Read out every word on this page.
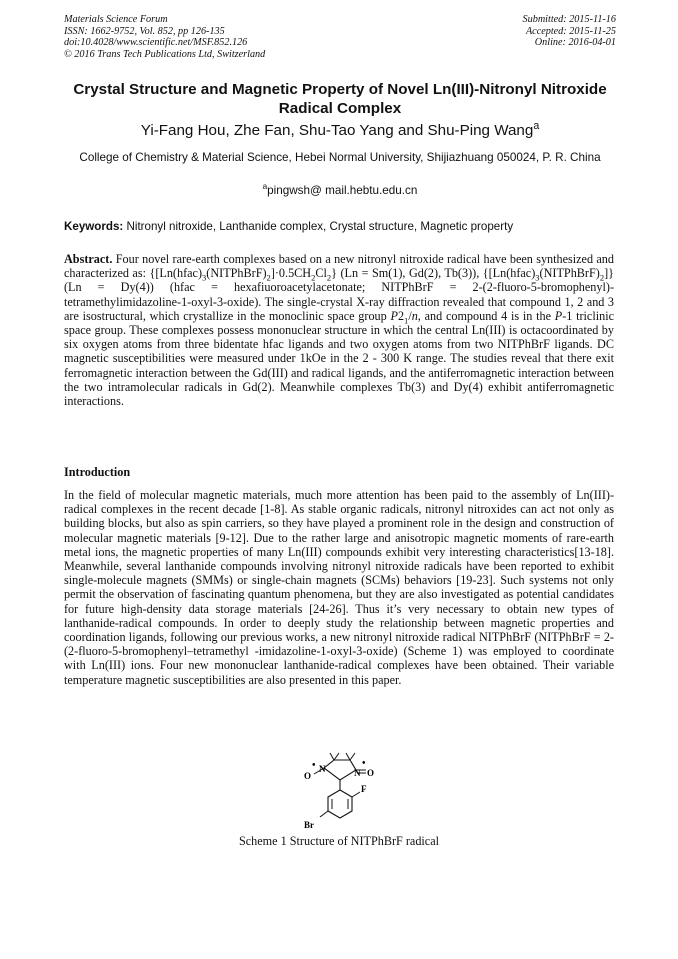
Materials Science Forum
ISSN: 1662-9752, Vol. 852, pp 126-135
doi:10.4028/www.scientific.net/MSF.852.126
© 2016 Trans Tech Publications Ltd, Switzerland
Submitted: 2015-11-16
Accepted: 2015-11-25
Online: 2016-04-01
Crystal Structure and Magnetic Property of Novel Ln(III)-Nitronyl Nitroxide Radical Complex
Yi-Fang Hou, Zhe Fan, Shu-Tao Yang and Shu-Ping Wang$^a$
College of Chemistry & Material Science, Hebei Normal University, Shijiazhuang 050024, P. R. China
$^a$pingwsh@ mail.hebtu.edu.cn
Keywords: Nitronyl nitroxide, Lanthanide complex, Crystal structure, Magnetic property
Abstract. Four novel rare-earth complexes based on a new nitronyl nitroxide radical have been synthesized and characterized as: $\{[Ln(hfac)_3(NITPhBrF)_2]\cdot 0.5CH_2Cl_2\} (Ln = Sm(1)$, Gd(2), Tb(3)), $\{[Ln(hfac)_3(NITPhBrF)_2]\}(Ln = Dy(4))$ (hfac = hexafiuoroacetylacetonate; NITPhBrF = 2-(2-fluoro-5-bromophenyl)-tetramethylimidazoline-1-oxyl-3-oxide). The single-crystal X-ray diffraction revealed that compound 1, 2 and 3 are isostructural, which crystallize in the monoclinic space group $P2_1/n$, and compound 4 is in the P-1 triclinic space group. These complexes possess mononuclear structure in which the central Ln(III) is octacoordinated by six oxygen atoms from three bidentate hfac ligands and two oxygen atoms from two NITPhBrF ligands. DC magnetic susceptibilities were measured under 1kOe in the 2 - 300 K range. The studies reveal that there exit ferromagnetic interaction between the Gd(III) and radical ligands, and the antiferromagnetic interaction between the two intramolecular radicals in Gd(2). Meanwhile complexes Tb(3) and Dy(4) exhibit antiferromagnetic interactions.
Introduction
In the field of molecular magnetic materials, much more attention has been paid to the assembly of Ln(III)-radical complexes in the recent decade [1-8]. As stable organic radicals, nitronyl nitroxides can act not only as building blocks, but also as spin carriers, so they have played a prominent role in the design and construction of molecular magnetic materials [9-12]. Due to the rather large and anisotropic magnetic moments of rare-earth metal ions, the magnetic properties of many Ln(III) compounds exhibit very interesting characteristics[13-18]. Meanwhile, several lanthanide compounds involving nitronyl nitroxide radicals have been reported to exhibit single-molecule magnets (SMMs) or single-chain magnets (SCMs) behaviors [19-23]. Such systems not only permit the observation of fascinating quantum phenomena, but they are also investigated as potential candidates for future high-density data storage materials [24-26]. Thus it’s very necessary to obtain new types of lanthanide-radical compounds. In order to deeply study the relationship between magnetic properties and coordination ligands, following our previous works, a new nitronyl nitroxide radical NITPhBrF (NITPhBrF = 2-(2-fluoro-5-bromophenyl–tetramethyl -imidazoline-1-oxyl-3-oxide) (Scheme 1) was employed to coordinate with Ln(III) ions. Four new mononuclear lanthanide-radical complexes have been obtained. Their variable temperature magnetic susceptibilities are also presented in this paper.
O
N	N O
F
Br
•	•
Scheme 1 Structure of NITPhBrF radical
